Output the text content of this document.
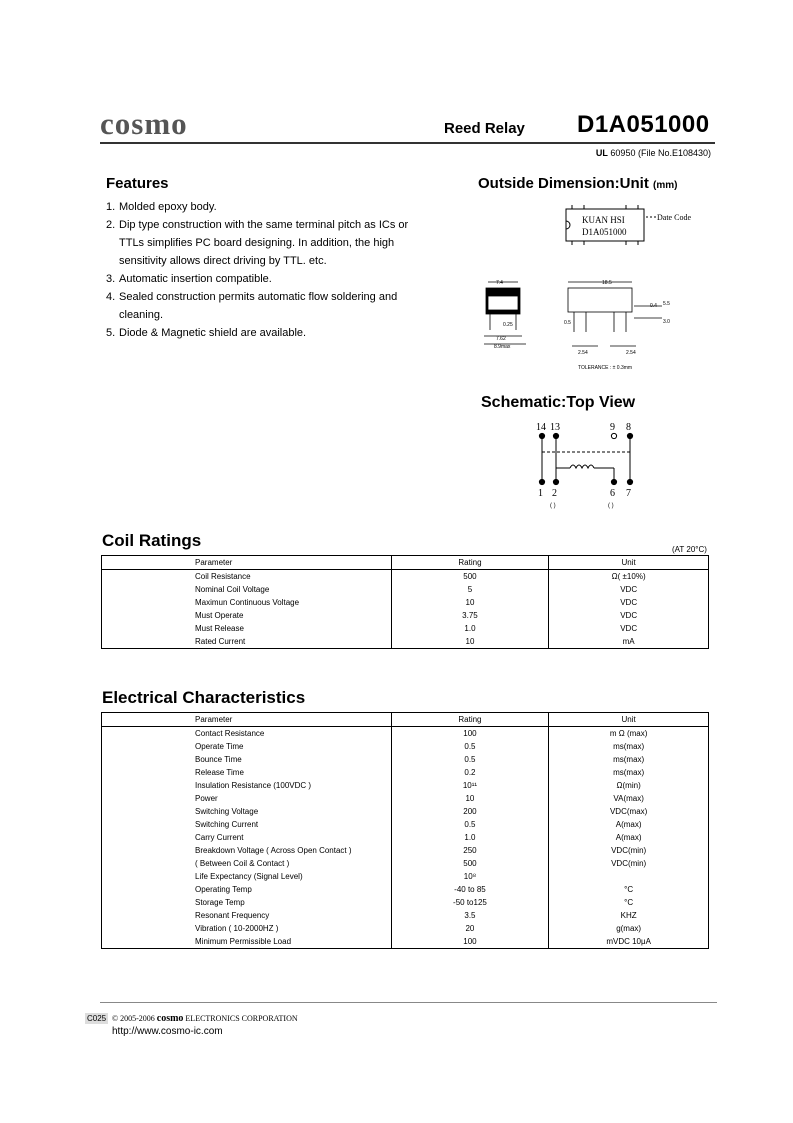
cosmo	Reed Relay D1A051000
UL 60950 (File No.E108430)
Features
1. Molded epoxy body.
2. Dip type construction with the same terminal pitch as ICs or TTLs simplifies PC board designing. In addition, the high sensitivity allows direct driving by TTL. etc.
3. Automatic insertion compatible.
4. Sealed construction permits automatic flow soldering and cleaning.
5. Diode & Magnetic shield are available.
Outside Dimension:Unit (mm)
KUAN HSI
D1A051000
Date Code
7.4
0.25
7.62
8.9max
18.5
0.4 5.5
3.0
0.5
2.54	2.54
TOLERANCE : ± 0.3mm
Schematic:Top View
14 13	9 8
1 2	6 7
( )	( )
Coil Ratings	(AT 20°C)
Parameter	Rating	Unit
Coil Resistance	500	Ω( ±10%)
Nominal Coil Voltage	5	VDC
Maximun Continuous Voltage	10	VDC
Must Operate	3.75	VDC
Must Release	1.0	VDC
Rated Current	10	mA
Electrical Characteristics
Parameter	Rating	Unit
Contact Resistance	100	m Ω (max)
Operate Time	0.5	ms(max)
Bounce Time	0.5	ms(max)
Release Time	0.2	ms(max)
Insulation Resistance (100VDC )	10¹¹	Ω(min)
Power	10	VA(max)
Switching Voltage	200	VDC(max)
Switching Current	0.5	A(max)
Carry Current	1.0	A(max)
Breakdown Voltage ( Across Open Contact )	250	VDC(min)
( Between Coil & Contact )	500	VDC(min)
Life Expectancy (Signal Level)	10⁸	
Operating Temp	-40 to 85	°C
Storage Temp	-50 to125	°C
Resonant Frequency	3.5	KHZ
Vibration ( 10-2000HZ )	20	g(max)
Minimum Permissible Load	100	mVDC 10μA
C025 © 2005-2006 cosmo ELECTRONICS CORPORATION
http://www.cosmo-ic.com
